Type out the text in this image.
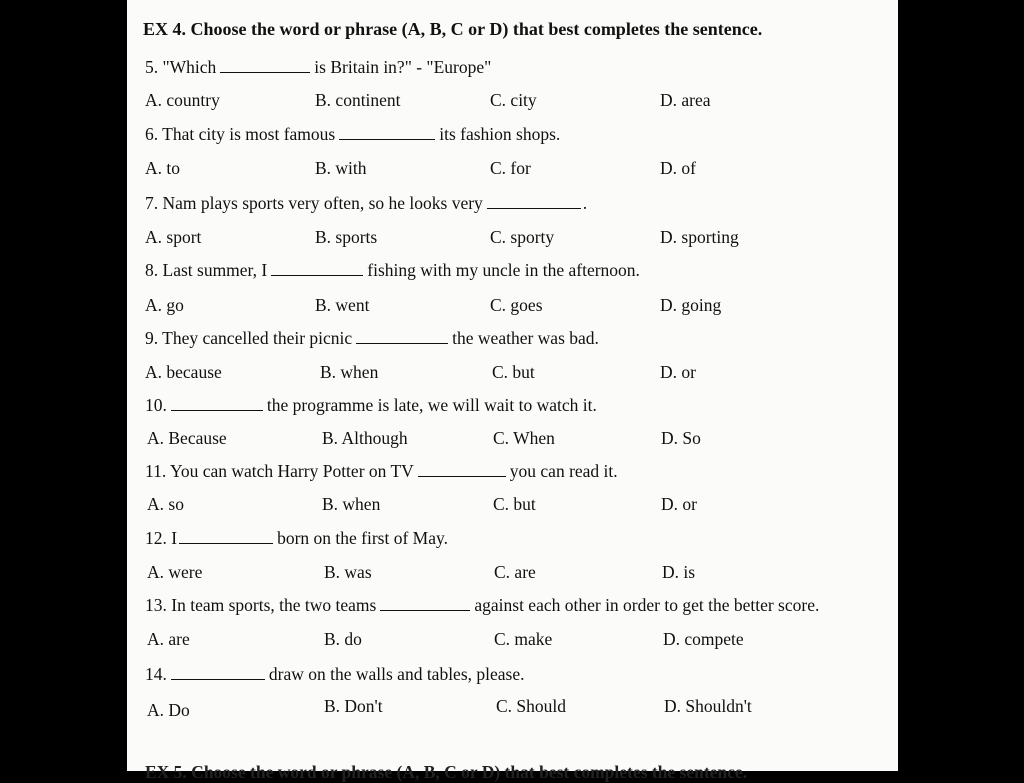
EX 4. Choose the word or phrase (A, B, C or D) that best completes the sentence.
5. "Which	is Britain in?" - "Europe"
A. country	B. continent	C. city	D. area
6. That city is most famous	its fashion shops.
A. to	B. with	C. for	D. of
7. Nam plays sports very often, so he looks very	.
A. sport	B. sports	C. sporty	D. sporting
8. Last summer, I	fishing with my uncle in the afternoon.
A. go	B. went	C. goes	D. going
9. They cancelled their picnic	the weather was bad.
A. because	B. when	C. but	D. or
10.	the programme is late, we will wait to watch it.
A. Because	B. Although	C. When	D. So
11. You can watch Harry Potter on TV	you can read it.
A. so	B. when	C. but	D. or
12. I	born on the first of May.
A. were	B. was	C. are	D. is
13. In team sports, the two teams	against each other in order to get the better score.
A. are	B. do	C. make	D. compete
14.	draw on the walls and tables, please.
A. Do	B. Don't	C. Should	D. Shouldn't
EX 5. Choose the word or phrase (A, B, C or D) that best completes the sentence.
